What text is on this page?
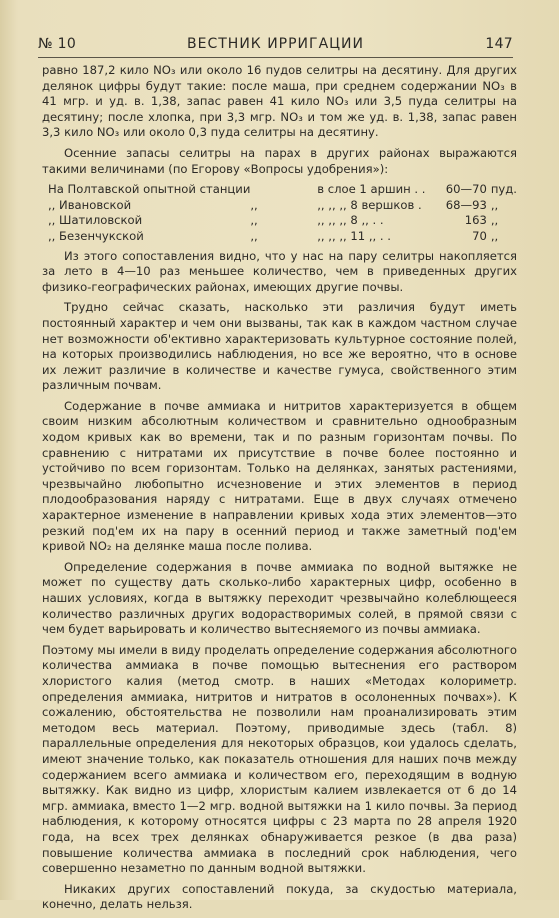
№ 10	ВЕСТНИК ИРРИГАЦИИ	147

равно 187,2 кило NO₃ или около 16 пудов селитры на десятину. Для других делянок цифры будут такие: после маша, при среднем содержании NO₃ в 41 мгр. и уд. в. 1,38, запас равен 41 кило NO₃ или 3,5 пуда селитры на десятину; после хлопка, при 3,3 мгр. NO₃ и том же уд. в. 1,38, запас равен 3,3 кило NO₃ или около 0,3 пуда селитры на десятину.

Осенние запасы селитры на парах в других районах выражаются такими величинами (по Егорову «Вопросы удобрения»):

На Полтавской опытной станции		в слое 1 аршин . .	60—70	пуд.
,, Ивановской	,,	,, ,, ,, 8 вершков .	68—93	,,
,, Шатиловской	,,	,, ,, ,, 8 ,, . .	163	,,
,, Безенчукской	,,	,, ,, ,, 11 ,, . .	70	,,

Из этого сопоставления видно, что у нас на пару селитры накопляется за лето в 4—10 раз меньшее количество, чем в приведенных других физико-географических районах, имеющих другие почвы.

Трудно сейчас сказать, насколько эти различия будут иметь постоянный характер и чем они вызваны, так как в каждом частном случае нет возможности об'ективно характеризовать культурное состояние полей, на которых производились наблюдения, но все же вероятно, что в основе их лежит различие в количестве и качестве гумуса, свойственного этим различным почвам.

Содержание в почве аммиака и нитритов характеризуется в общем своим низким абсолютным количеством и сравнительно однообразным ходом кривых как во времени, так и по разным горизонтам почвы. По сравнению с нитратами их присутствие в почве более постоянно и устойчиво по всем горизонтам. Только на делянках, занятых растениями, чрезвычайно любопытно исчезновение и этих элементов в период плодообразования наряду с нитратами. Еще в двух случаях отмечено характерное изменение в направлении кривых хода этих элементов—это резкий под'ем их на пару в осенний период и также заметный под'ем кривой NO₂ на делянке маша после полива.

Определение содержания в почве аммиака по водной вытяжке не может по существу дать сколько-либо характерных цифр, особенно в наших условиях, когда в вытяжку переходит чрезвычайно колеблющееся количество различных других водорастворимых солей, в прямой связи с чем будет варьировать и количество вытесняемого из почвы аммиака.

Поэтому мы имели в виду проделать определение содержания абсолютного количества аммиака в почве помощью вытеснения его раствором хлористого калия (метод смотр. в наших «Методах колориметр. определения аммиака, нитритов и нитратов в осолоненных почвах»). К сожалению, обстоятельства не позволили нам проанализировать этим методом весь материал. Поэтому, приводимые здесь (табл. 8) параллельные определения для некоторых образцов, кои удалось сделать, имеют значение только, как показатель отношения для наших почв между содержанием всего аммиака и количеством его, переходящим в водную вытяжку. Как видно из цифр, хлористым калием извлекается от 6 до 14 мгр. аммиака, вместо 1—2 мгр. водной вытяжки на 1 кило почвы. За период наблюдения, к которому относятся цифры с 23 марта по 28 апреля 1920 года, на всех трех делянках обнаруживается резкое (в два раза) повышение количества аммиака в последний срок наблюдения, чего совершенно незаметно по данным водной вытяжки.

Никаких других сопоставлений покуда, за скудостью материала, конечно, делать нельзя.
